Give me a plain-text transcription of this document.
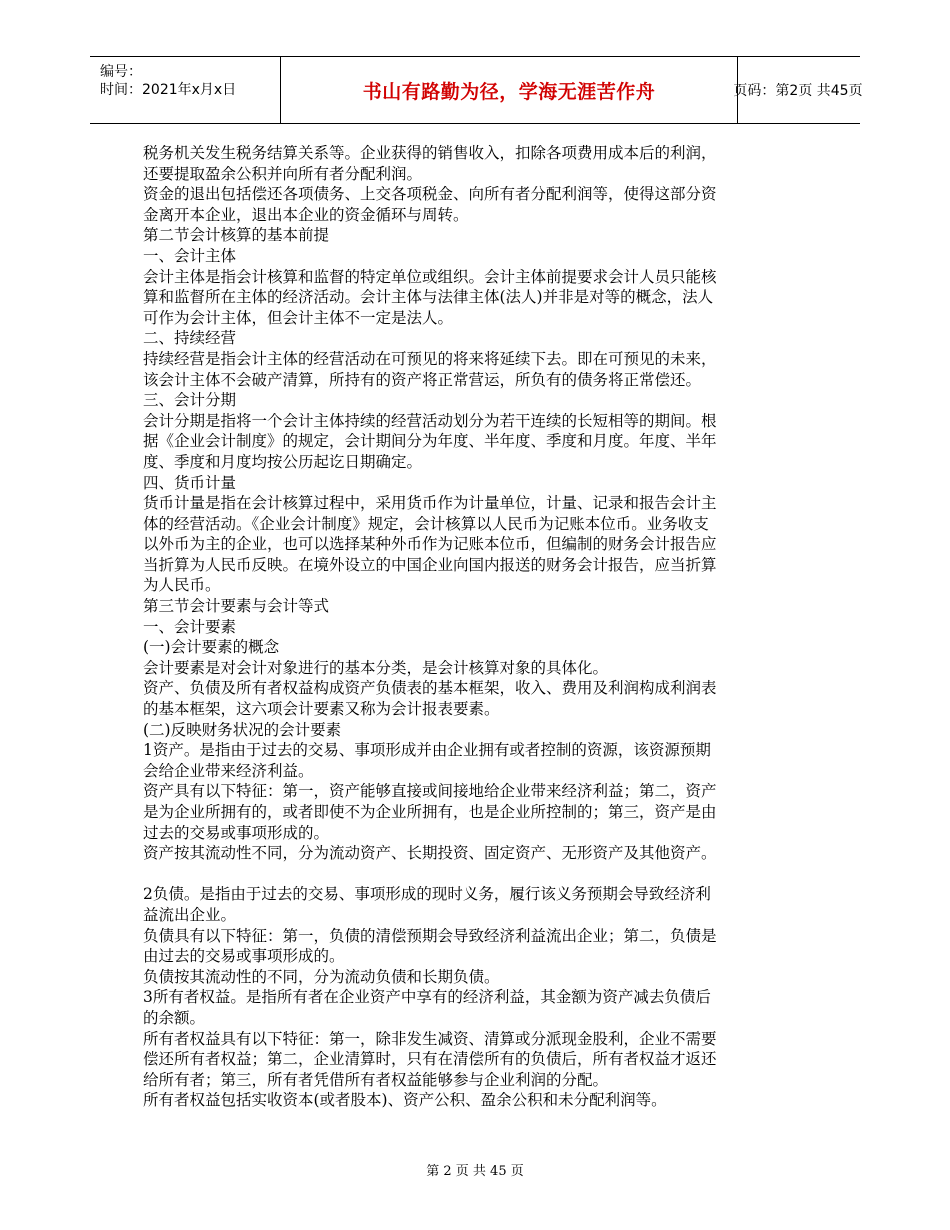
编号：
时间：2021年x月x日	书山有路勤为径，学海无涯苦作舟	页码：第2页 共45页
税务机关发生税务结算关系等。企业获得的销售收入，扣除各项费用成本后的利润，
还要提取盈余公积并向所有者分配利润。
资金的退出包括偿还各项债务、上交各项税金、向所有者分配利润等，使得这部分资
金离开本企业，退出本企业的资金循环与周转。
第二节会计核算的基本前提
一、会计主体
会计主体是指会计核算和监督的特定单位或组织。会计主体前提要求会计人员只能核
算和监督所在主体的经济活动。会计主体与法律主体(法人)并非是对等的概念，法人
可作为会计主体，但会计主体不一定是法人。
二、持续经营
持续经营是指会计主体的经营活动在可预见的将来将延续下去。即在可预见的未来，
该会计主体不会破产清算，所持有的资产将正常营运，所负有的债务将正常偿还。
三、会计分期
会计分期是指将一个会计主体持续的经营活动划分为若干连续的长短相等的期间。根
据《企业会计制度》的规定，会计期间分为年度、半年度、季度和月度。年度、半年
度、季度和月度均按公历起讫日期确定。
四、货币计量
货币计量是指在会计核算过程中，采用货币作为计量单位，计量、记录和报告会计主
体的经营活动。《企业会计制度》规定，会计核算以人民币为记账本位币。业务收支
以外币为主的企业，也可以选择某种外币作为记账本位币，但编制的财务会计报告应
当折算为人民币反映。在境外设立的中国企业向国内报送的财务会计报告，应当折算
为人民币。
第三节会计要素与会计等式
一、会计要素
(一)会计要素的概念
会计要素是对会计对象进行的基本分类，是会计核算对象的具体化。
资产、负债及所有者权益构成资产负债表的基本框架，收入、费用及利润构成利润表
的基本框架，这六项会计要素又称为会计报表要素。
(二)反映财务状况的会计要素
1资产。是指由于过去的交易、事项形成并由企业拥有或者控制的资源，该资源预期
会给企业带来经济利益。
资产具有以下特征：第一，资产能够直接或间接地给企业带来经济利益；第二，资产
是为企业所拥有的，或者即使不为企业所拥有，也是企业所控制的；第三，资产是由
过去的交易或事项形成的。
资产按其流动性不同，分为流动资产、长期投资、固定资产、无形资产及其他资产。
2负债。是指由于过去的交易、事项形成的现时义务，履行该义务预期会导致经济利
益流出企业。
负债具有以下特征：第一，负债的清偿预期会导致经济利益流出企业；第二，负债是
由过去的交易或事项形成的。
负债按其流动性的不同，分为流动负债和长期负债。
3所有者权益。是指所有者在企业资产中享有的经济利益，其金额为资产减去负债后
的余额。
所有者权益具有以下特征：第一，除非发生减资、清算或分派现金股利，企业不需要
偿还所有者权益；第二，企业清算时，只有在清偿所有的负债后，所有者权益才返还
给所有者；第三，所有者凭借所有者权益能够参与企业利润的分配。
所有者权益包括实收资本(或者股本)、资产公积、盈余公积和未分配利润等。
第 2 页 共 45 页
